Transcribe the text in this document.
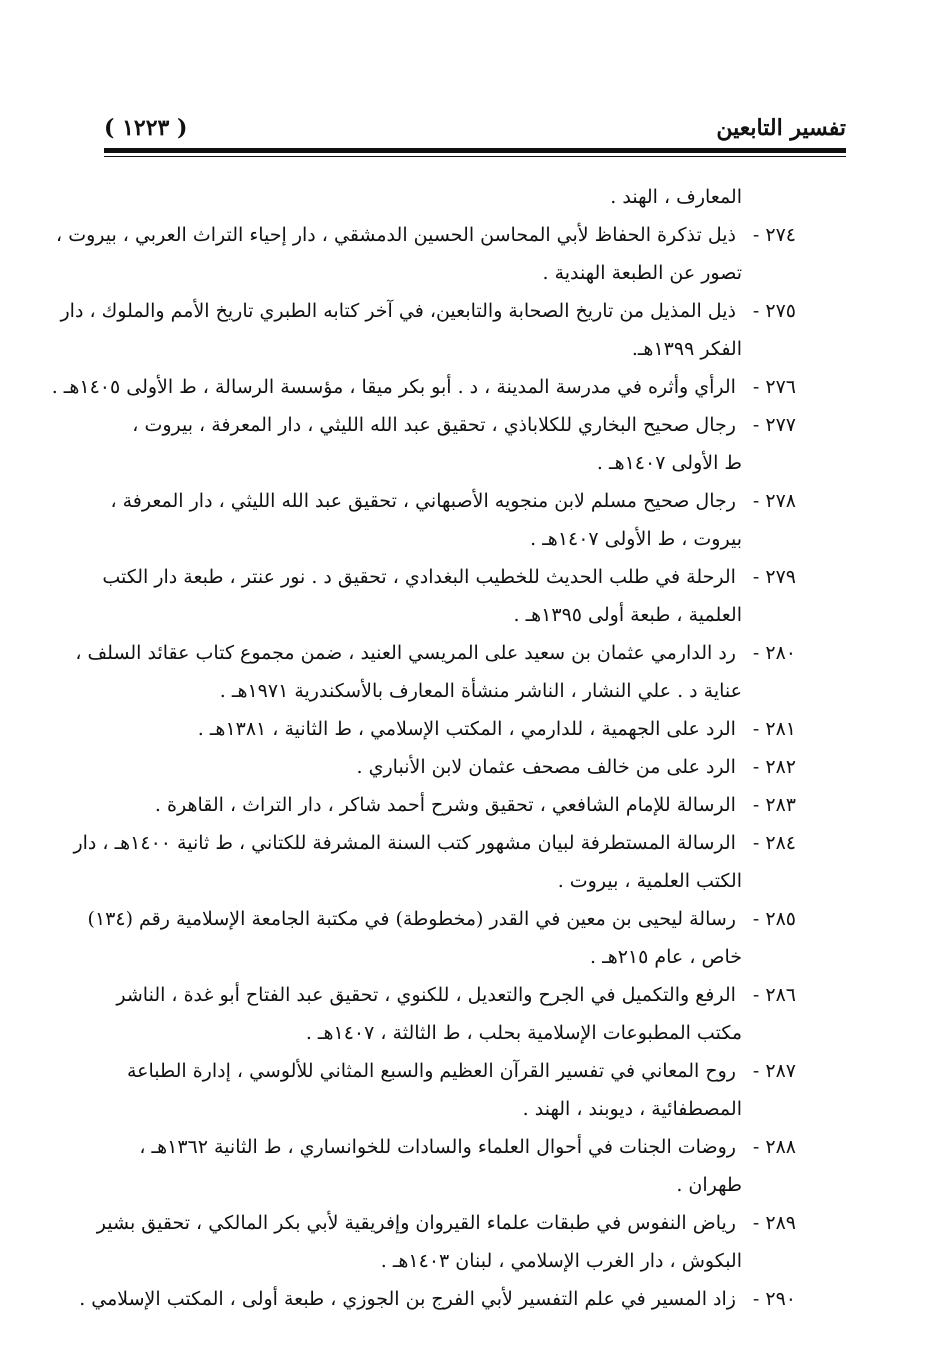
تفسير التابعين
( ١٢٢٣ )
المعارف ، الهند .
٢٧٤ - ذيل تذكرة الحفاظ لأبي المحاسن الحسين الدمشقي ، دار إحياء التراث العربي ، بيروت ،
تصور عن الطبعة الهندية .
٢٧٥ - ذيل المذيل من تاريخ الصحابة والتابعين، في آخر كتابه الطبري تاريخ الأمم والملوك ، دار
الفكر ١٣٩٩هـ.
٢٧٦ - الرأي وأثره في مدرسة المدينة ، د . أبو بكر ميقا ، مؤسسة الرسالة ، ط الأولى ١٤٠٥هـ .
٢٧٧ - رجال صحيح البخاري للكلاباذي ، تحقيق عبد الله الليثي ، دار المعرفة ، بيروت ،
ط الأولى ١٤٠٧هـ .
٢٧٨ - رجال صحيح مسلم لابن منجويه الأصبهاني ، تحقيق عبد الله الليثي ، دار المعرفة ،
بيروت ، ط الأولى ١٤٠٧هـ .
٢٧٩ - الرحلة في طلب الحديث للخطيب البغدادي ، تحقيق د . نور عنتر ، طبعة دار الكتب
العلمية ، طبعة أولى ١٣٩٥هـ .
٢٨٠ - رد الدارمي عثمان بن سعيد على المريسي العنيد ، ضمن مجموع كتاب عقائد السلف ،
عناية د . علي النشار ، الناشر منشأة المعارف بالأسكندرية ١٩٧١هـ .
٢٨١ - الرد على الجهمية ، للدارمي ، المكتب الإسلامي ، ط الثانية ، ١٣٨١هـ .
٢٨٢ - الرد على من خالف مصحف عثمان لابن الأنباري .
٢٨٣ - الرسالة للإمام الشافعي ، تحقيق وشرح أحمد شاكر ، دار التراث ، القاهرة .
٢٨٤ - الرسالة المستطرفة لبيان مشهور كتب السنة المشرفة للكتاني ، ط ثانية ١٤٠٠هـ ، دار
الكتب العلمية ، بيروت .
٢٨٥ - رسالة ليحيى بن معين في القدر (مخطوطة) في مكتبة الجامعة الإسلامية رقم (١٣٤)
خاص ، عام ٢١٥هـ .
٢٨٦ - الرفع والتكميل في الجرح والتعديل ، للكنوي ، تحقيق عبد الفتاح أبو غدة ، الناشر
مكتب المطبوعات الإسلامية بحلب ، ط الثالثة ، ١٤٠٧هـ .
٢٨٧ - روح المعاني في تفسير القرآن العظيم والسبع المثاني للألوسي ، إدارة الطباعة
المصطفائية ، ديوبند ، الهند .
٢٨٨ - روضات الجنات في أحوال العلماء والسادات للخوانساري ، ط الثانية ١٣٦٢هـ ،
طهران .
٢٨٩ - رياض النفوس في طبقات علماء القيروان وإفريقية لأبي بكر المالكي ، تحقيق بشير
البكوش ، دار الغرب الإسلامي ، لبنان ١٤٠٣هـ .
٢٩٠ - زاد المسير في علم التفسير لأبي الفرج بن الجوزي ، طبعة أولى ، المكتب الإسلامي .
